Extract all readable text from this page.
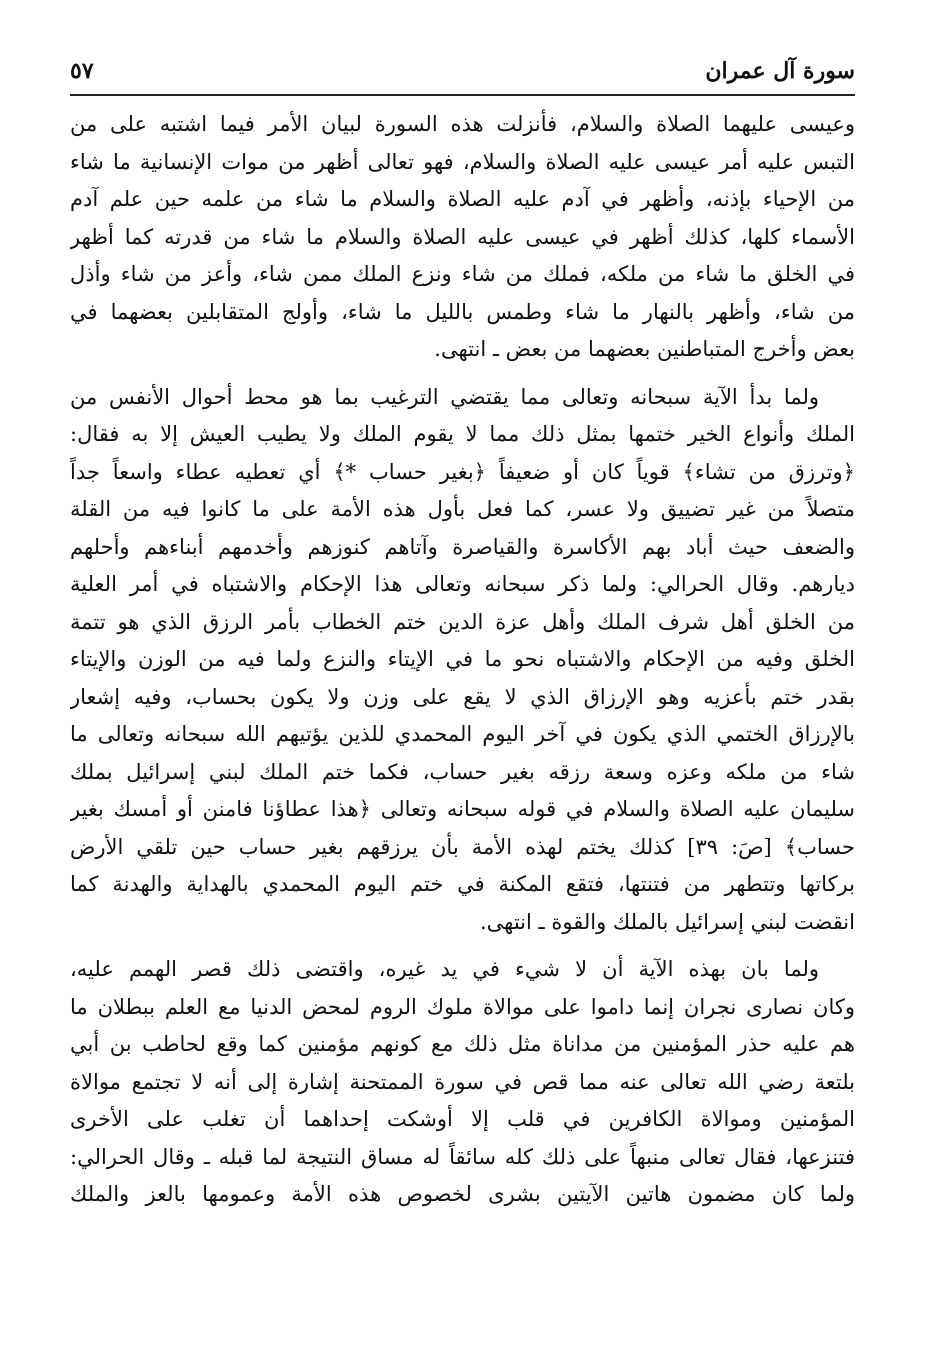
سورة آل عمران
٥٧
وعيسى عليهما الصلاة والسلام، فأنزلت هذه السورة لبيان الأمر فيما اشتبه على من
التبس عليه أمر عيسى عليه الصلاة والسلام، فهو تعالى أظهر من موات الإنسانية ما شاء
من الإحياء بإذنه، وأظهر في آدم عليه الصلاة والسلام ما شاء من علمه حين علم آدم
الأسماء كلها، كذلك أظهر في عيسى عليه الصلاة والسلام ما شاء من قدرته كما أظهر
في الخلق ما شاء من ملكه، فملك من شاء ونزع الملك ممن شاء، وأعز من شاء وأذل
من شاء، وأظهر بالنهار ما شاء وطمس بالليل ما شاء، وأولج المتقابلين بعضهما في
بعض وأخرج المتباطنين بعضهما من بعض ـ انتهى.
ولما بدأ الآية سبحانه وتعالى مما يقتضي الترغيب بما هو محط أحوال الأنفس من
الملك وأنواع الخير ختمها بمثل ذلك مما لا يقوم الملك ولا يطيب العيش إلا به فقال:
﴿وترزق من تشاء﴾ قوياً كان أو ضعيفاً ﴿بغير حساب *﴾ أي تعطيه عطاء واسعاً جداً
متصلاً من غير تضييق ولا عسر، كما فعل بأول هذه الأمة على ما كانوا فيه من القلة
والضعف حيث أباد بهم الأكاسرة والقياصرة وآتاهم كنوزهم وأخدمهم أبناءهم وأحلهم
ديارهم. وقال الحرالي: ولما ذكر سبحانه وتعالى هذا الإحكام والاشتباه في أمر العلية
من الخلق أهل شرف الملك وأهل عزة الدين ختم الخطاب بأمر الرزق الذي هو تتمة
الخلق وفيه من الإحكام والاشتباه نحو ما في الإيتاء والنزع ولما فيه من الوزن والإيتاء
بقدر ختم بأعزيه وهو الإرزاق الذي لا يقع على وزن ولا يكون بحساب، وفيه إشعار
بالإرزاق الختمي الذي يكون في آخر اليوم المحمدي للذين يؤتيهم الله سبحانه وتعالى ما
شاء من ملكه وعزه وسعة رزقه بغير حساب، فكما ختم الملك لبني إسرائيل بملك
سليمان عليه الصلاة والسلام في قوله سبحانه وتعالى ﴿هذا عطاؤنا فامنن أو أمسك بغير
حساب﴾ [صَ: ٣٩] كذلك يختم لهذه الأمة بأن يرزقهم بغير حساب حين تلقي الأرض
بركاتها وتتطهر من فتنتها، فتقع المكنة في ختم اليوم المحمدي بالهداية والهدنة كما
انقضت لبني إسرائيل بالملك والقوة ـ انتهى.
ولما بان بهذه الآية أن لا شيء في يد غيره، واقتضى ذلك قصر الهمم عليه،
وكان نصارى نجران إنما داموا على موالاة ملوك الروم لمحض الدنيا مع العلم ببطلان ما
هم عليه حذر المؤمنين من مداناة مثل ذلك مع كونهم مؤمنين كما وقع لحاطب بن أبي
بلتعة رضي الله تعالى عنه مما قص في سورة الممتحنة إشارة إلى أنه لا تجتمع موالاة
المؤمنين وموالاة الكافرين في قلب إلا أوشكت إحداهما أن تغلب على الأخرى
فتنزعها، فقال تعالى منبهاً على ذلك كله سائقاً له مساق النتيجة لما قبله ـ وقال الحرالي:
ولما كان مضمون هاتين الآيتين بشرى لخصوص هذه الأمة وعمومها بالعز والملك
